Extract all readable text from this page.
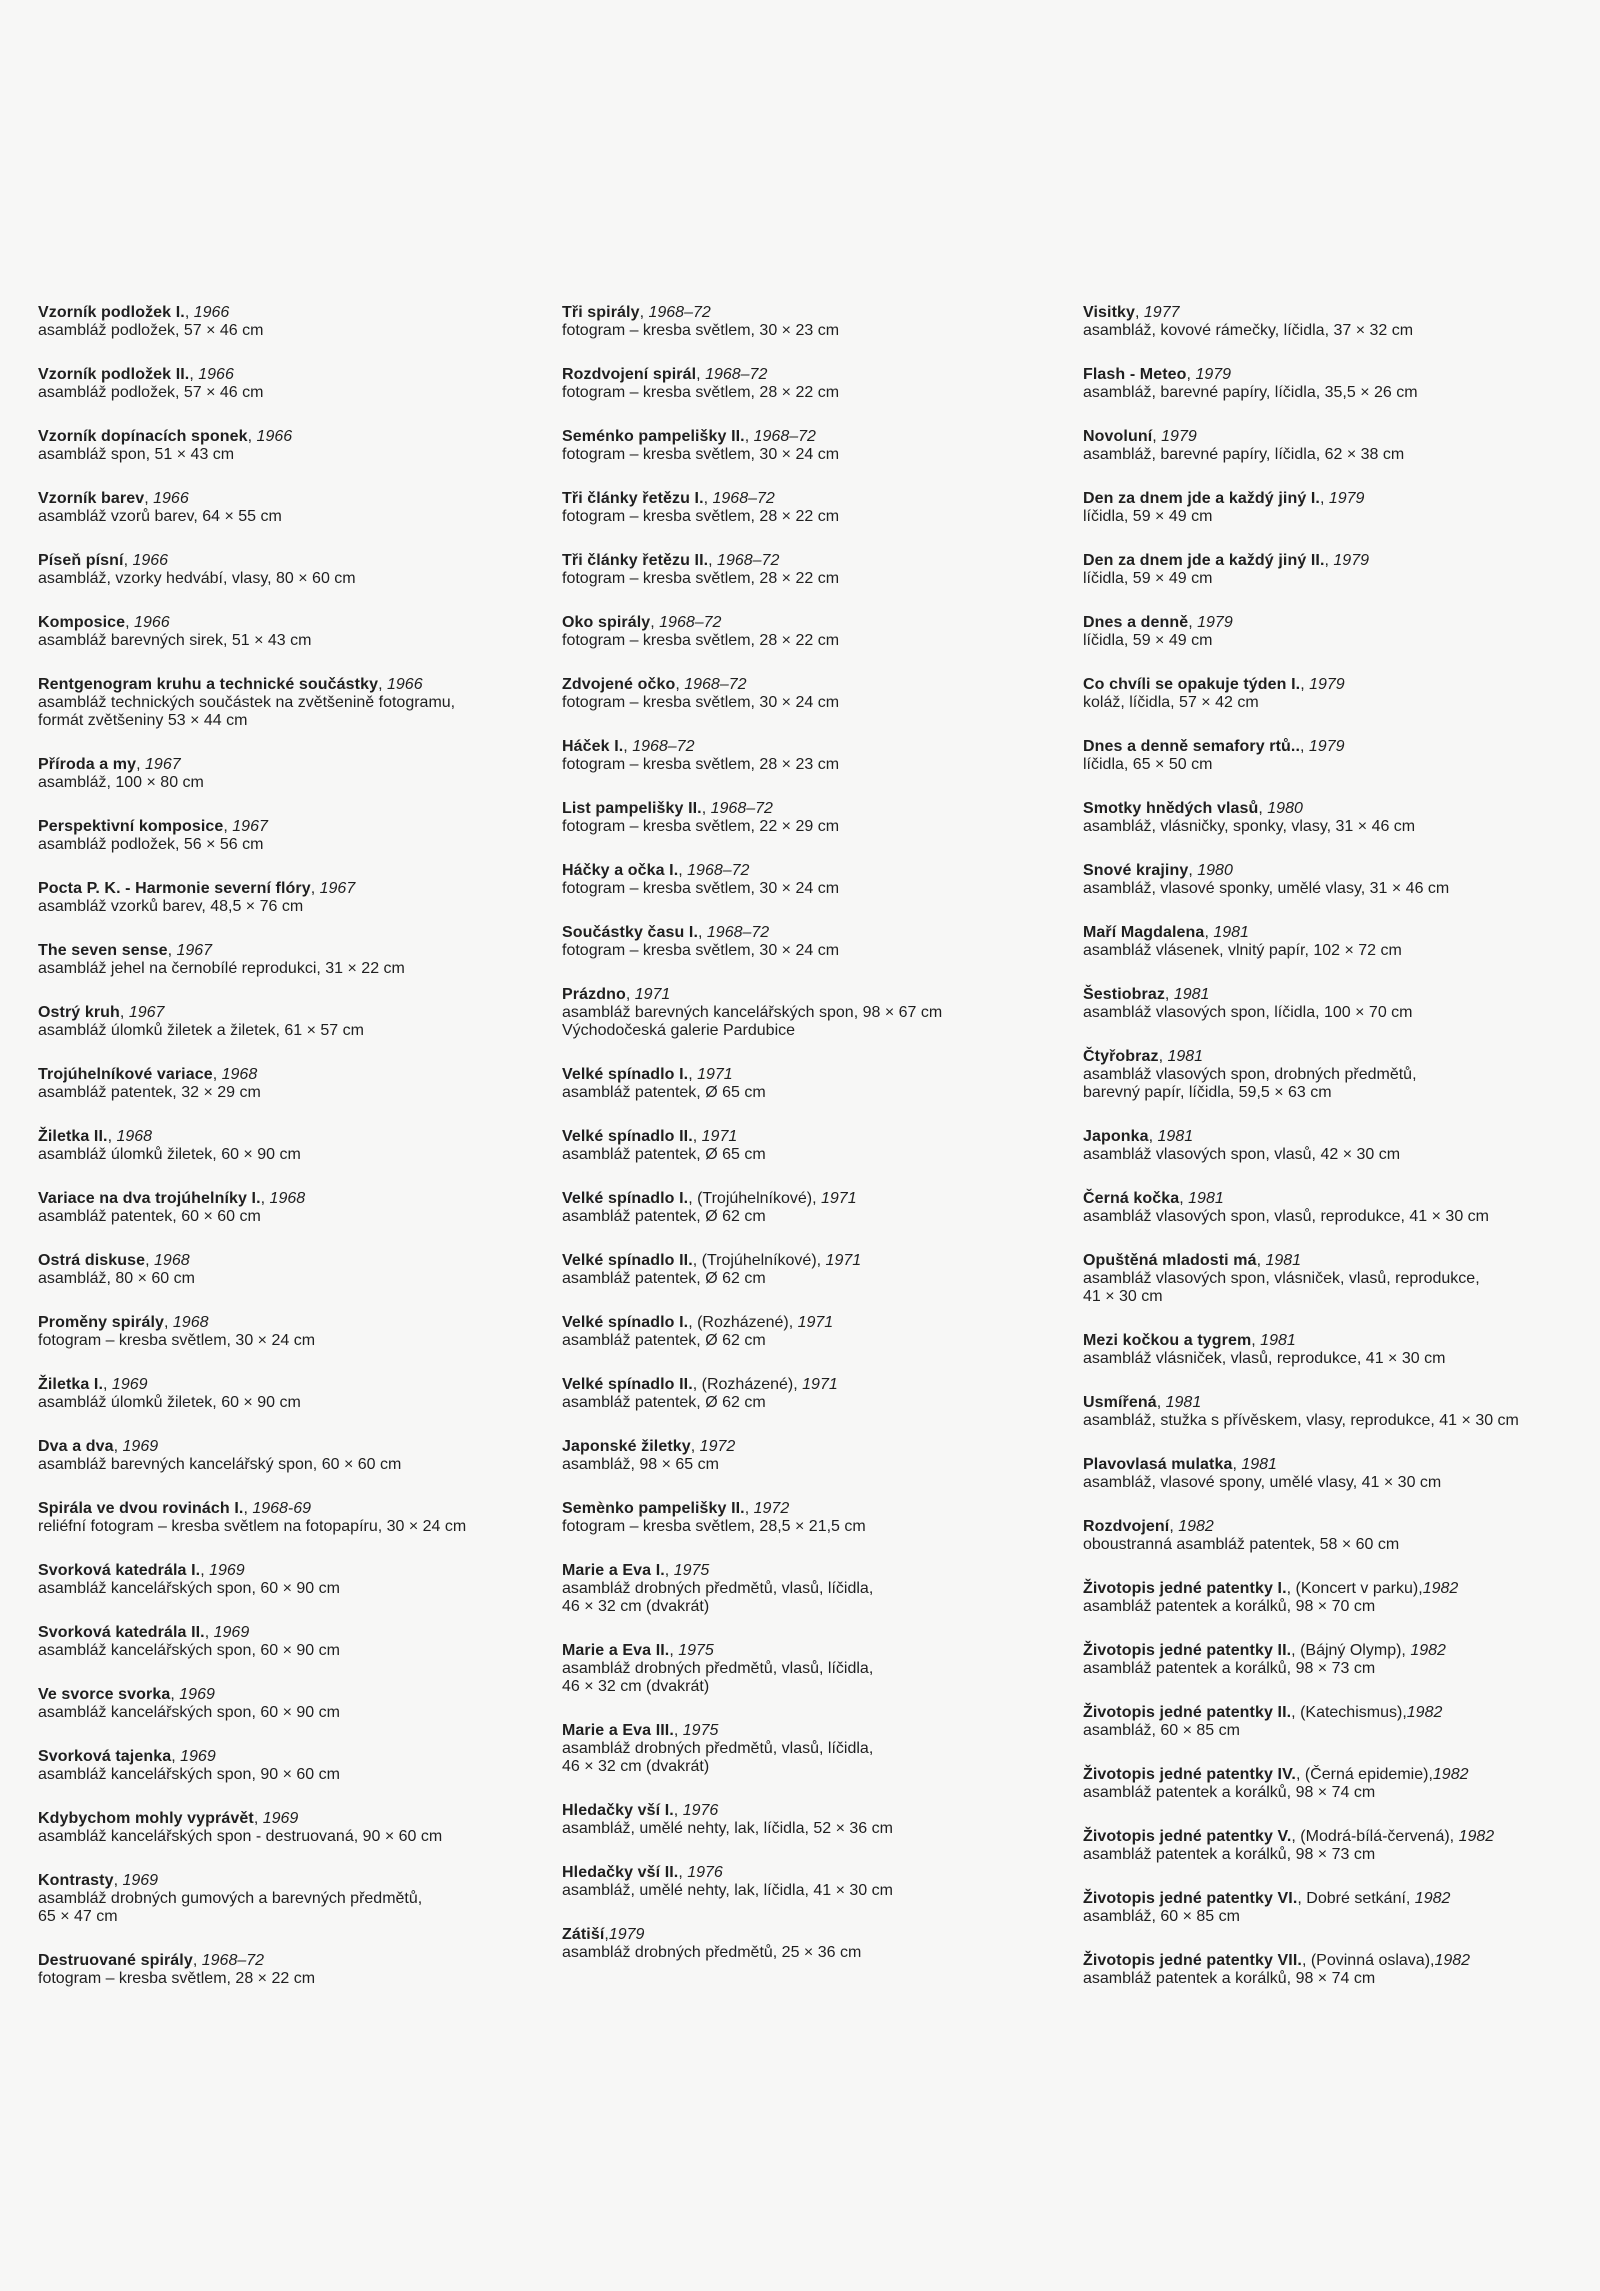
Vzorník podložek I., 1966
asambláž podložek, 57 × 46 cm
Vzorník podložek II., 1966
asambláž podložek, 57 × 46 cm
Vzorník dopínacích sponek, 1966
asambláž spon, 51 × 43 cm
Vzorník barev, 1966
asambláž vzorů barev, 64 × 55 cm
Píseň písní, 1966
asambláž, vzorky hedvábí, vlasy, 80 × 60 cm
Komposice, 1966
asambláž barevných sirek, 51 × 43 cm
Rentgenogram kruhu a technické součástky, 1966
asambláž technických součástek na zvětšenině fotogramu,
formát zvětšeniny 53 × 44 cm
Příroda a my, 1967
asambláž, 100 × 80 cm
Perspektivní komposice, 1967
asambláž podložek, 56 × 56 cm
Pocta P. K. - Harmonie severní flóry, 1967
asambláž vzorků barev, 48,5 × 76 cm
The seven sense, 1967
asambláž jehel na černobílé reprodukci, 31 × 22 cm
Ostrý kruh, 1967
asambláž úlomků žiletek a žiletek, 61 × 57 cm
Trojúhelníkové variace, 1968
asambláž patentek, 32 × 29 cm
Žiletka II., 1968
asambláž úlomků žiletek, 60 × 90 cm
Variace na dva trojúhelníky I., 1968
asambláž patentek, 60 × 60 cm
Ostrá diskuse, 1968
asambláž, 80 × 60 cm
Proměny spirály, 1968
fotogram – kresba světlem, 30 × 24 cm
Žiletka I., 1969
asambláž úlomků žiletek, 60 × 90 cm
Dva a dva, 1969
asambláž barevných kancelářský spon, 60 × 60 cm
Spirála ve dvou rovinách I., 1968-69
reliéfní fotogram – kresba světlem na fotopapíru, 30 × 24 cm
Svorková katedrála I., 1969
asambláž kancelářských spon, 60 × 90 cm
Svorková katedrála II., 1969
asambláž kancelářských spon, 60 × 90 cm
Ve svorce svorka, 1969
asambláž kancelářských spon, 60 × 90 cm
Svorková tajenka, 1969
asambláž kancelářských spon, 90 × 60 cm
Kdybychom mohly vyprávět, 1969
asambláž kancelářských spon - destruovaná, 90 × 60 cm
Kontrasty, 1969
asambláž drobných gumových a barevných předmětů,
65 × 47 cm
Destruované spirály, 1968–72
fotogram – kresba světlem, 28 × 22 cm
Tři spirály, 1968–72
fotogram – kresba světlem, 30 × 23 cm
Rozdvojení spirál, 1968–72
fotogram – kresba světlem, 28 × 22 cm
Seménko pampelišky II., 1968–72
fotogram – kresba světlem, 30 × 24 cm
Tři články řetězu I., 1968–72
fotogram – kresba světlem, 28 × 22 cm
Tři články řetězu II., 1968–72
fotogram – kresba světlem, 28 × 22 cm
Oko spirály, 1968–72
fotogram – kresba světlem, 28 × 22 cm
Zdvojené očko, 1968–72
fotogram – kresba světlem, 30 × 24 cm
Háček I., 1968–72
fotogram – kresba světlem, 28 × 23 cm
List pampelišky II., 1968–72
fotogram – kresba světlem, 22 × 29 cm
Háčky a očka I., 1968–72
fotogram – kresba světlem, 30 × 24 cm
Součástky času I., 1968–72
fotogram – kresba světlem, 30 × 24 cm
Prázdno, 1971
asambláž barevných kancelářských spon, 98 × 67 cm
Východočeská galerie Pardubice
Velké spínadlo I., 1971
asambláž patentek, Ø 65 cm
Velké spínadlo II., 1971
asambláž patentek, Ø 65 cm
Velké spínadlo I., (Trojúhelníkové), 1971
asambláž patentek, Ø 62 cm
Velké spínadlo II., (Trojúhelníkové), 1971
asambláž patentek, Ø 62 cm
Velké spínadlo I., (Rozházené), 1971
asambláž patentek, Ø 62 cm
Velké spínadlo II., (Rozházené), 1971
asambláž patentek, Ø 62 cm
Japonské žiletky, 1972
asambláž, 98 × 65 cm
Semènko pampelišky II., 1972
fotogram – kresba světlem, 28,5 × 21,5 cm
Marie a Eva I., 1975
asambláž drobných předmětů, vlasů, líčidla,
46 × 32 cm (dvakrát)
Marie a Eva II., 1975
asambláž drobných předmětů, vlasů, líčidla,
46 × 32 cm (dvakrát)
Marie a Eva III., 1975
asambláž drobných předmětů, vlasů, líčidla,
46 × 32 cm (dvakrát)
Hledačky vší I., 1976
asambláž, umělé nehty, lak, líčidla, 52 × 36 cm
Hledačky vší II., 1976
asambláž, umělé nehty, lak, líčidla, 41 × 30 cm
Zátiší,1979
asambláž drobných předmětů, 25 × 36 cm
Visitky, 1977
asambláž, kovové rámečky, líčidla, 37 × 32 cm
Flash - Meteo, 1979
asambláž, barevné papíry, líčidla, 35,5 × 26 cm
Novoluní, 1979
asambláž, barevné papíry, líčidla, 62 × 38 cm
Den za dnem jde a každý jiný I., 1979
líčidla, 59 × 49 cm
Den za dnem jde a každý jiný II., 1979
líčidla, 59 × 49 cm
Dnes a denně, 1979
líčidla, 59 × 49 cm
Co chvíli se opakuje týden I., 1979
koláž, líčidla, 57 × 42 cm
Dnes a denně semafory rtů.., 1979
líčidla, 65 × 50 cm
Smotky hnědých vlasů, 1980
asambláž, vlásničky, sponky, vlasy, 31 × 46 cm
Snové krajiny, 1980
asambláž, vlasové sponky, umělé vlasy, 31 × 46 cm
Maří Magdalena, 1981
asambláž vlásenek, vlnitý papír, 102 × 72 cm
Šestiobraz, 1981
asambláž vlasových spon, líčidla, 100 × 70 cm
Čtyřobraz, 1981
asambláž vlasových spon, drobných předmětů,
barevný papír, líčidla, 59,5 × 63 cm
Japonka, 1981
asambláž vlasových spon, vlasů, 42 × 30 cm
Černá kočka, 1981
asambláž vlasových spon, vlasů, reprodukce, 41 × 30 cm
Opuštěná mladosti má, 1981
asambláž vlasových spon, vlásniček, vlasů, reprodukce,
41 × 30 cm
Mezi kočkou a tygrem, 1981
asambláž vlásniček, vlasů, reprodukce, 41 × 30 cm
Usmířená, 1981
asambláž, stužka s přívěskem, vlasy, reprodukce, 41 × 30 cm
Plavovlasá mulatka, 1981
asambláž, vlasové spony, umělé vlasy, 41 × 30 cm
Rozdvojení, 1982
oboustranná asambláž patentek, 58 × 60 cm
Životopis jedné patentky I., (Koncert v parku),1982
asambláž patentek a korálků, 98 × 70 cm
Životopis jedné patentky II., (Bájný Olymp), 1982
asambláž patentek a korálků, 98 × 73 cm
Životopis jedné patentky II., (Katechismus),1982
asambláž, 60 × 85 cm
Životopis jedné patentky IV., (Černá epidemie),1982
asambláž patentek a korálků, 98 × 74 cm
Životopis jedné patentky V., (Modrá-bílá-červená), 1982
asambláž patentek a korálků, 98 × 73 cm
Životopis jedné patentky VI., Dobré setkání, 1982
asambláž, 60 × 85 cm
Životopis jedné patentky VII., (Povinná oslava),1982
asambláž patentek a korálků, 98 × 74 cm
